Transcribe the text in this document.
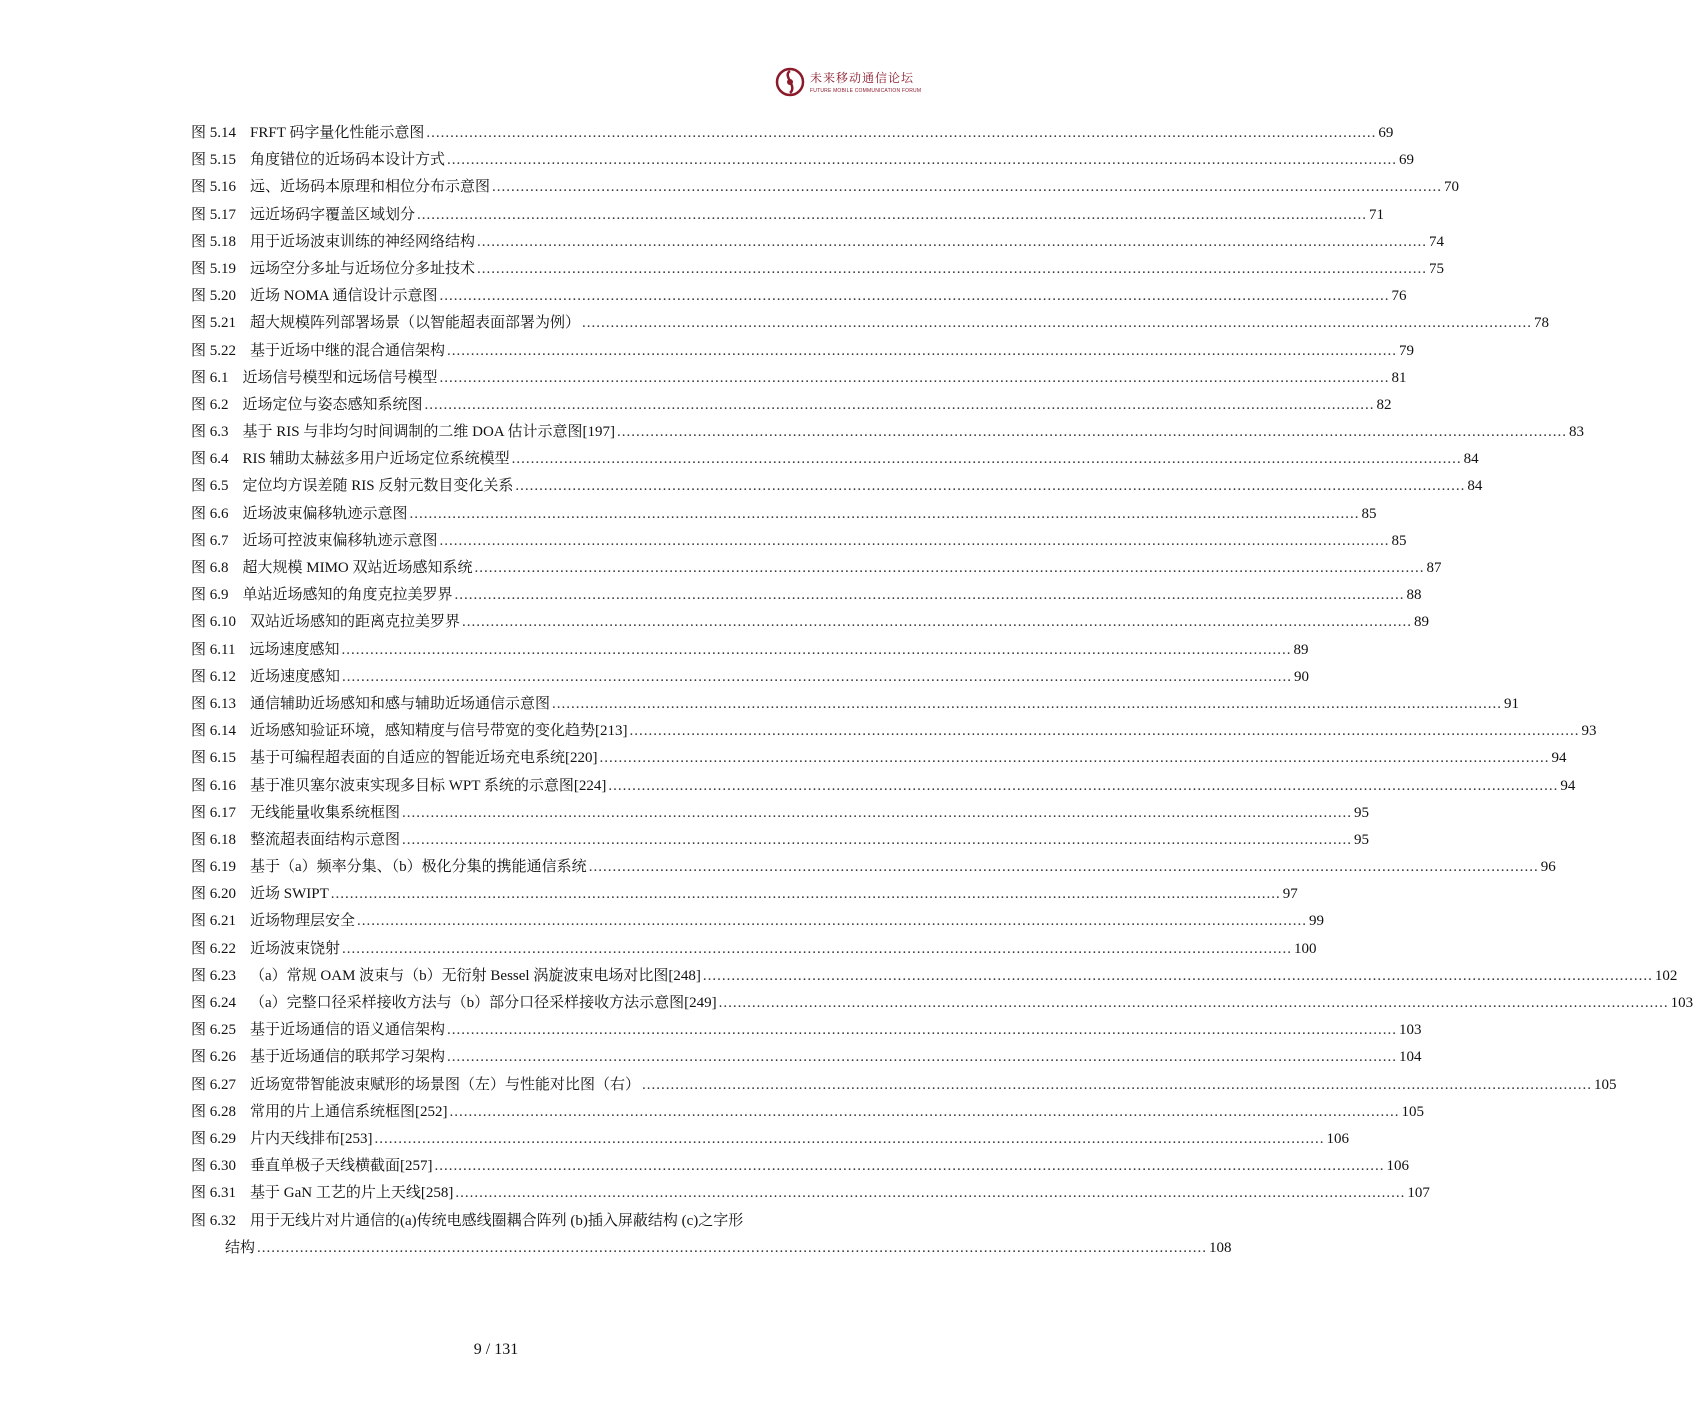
未来移动通信论坛
FUTURE MOBILE COMMUNICATION FORUM
图 5.14 FRFT 码字量化性能示意图 .....	69
图 5.15 角度错位的近场码本设计方式 .....	69
图 5.16 远、近场码本原理和相位分布示意图 .....	70
图 5.17 远近场码字覆盖区域划分 .....	71
图 5.18 用于近场波束训练的神经网络结构 .....	74
图 5.19 远场空分多址与近场位分多址技术 .....	75
图 5.20 近场 NOMA 通信设计示意图 .....	76
图 5.21 超大规模阵列部署场景（以智能超表面部署为例） .....	78
图 5.22 基于近场中继的混合通信架构 .....	79
图 6.1 近场信号模型和远场信号模型 .....	81
图 6.2 近场定位与姿态感知系统图 .....	82
图 6.3 基于 RIS 与非均匀时间调制的二维 DOA 估计示意图[197] .....	83
图 6.4 RIS 辅助太赫兹多用户近场定位系统模型 .....	84
图 6.5 定位均方误差随 RIS 反射元数目变化关系 .....	84
图 6.6 近场波束偏移轨迹示意图 .....	85
图 6.7 近场可控波束偏移轨迹示意图 .....	85
图 6.8 超大规模 MIMO 双站近场感知系统 .....	87
图 6.9 单站近场感知的角度克拉美罗界 .....	88
图 6.10 双站近场感知的距离克拉美罗界 .....	89
图 6.11 远场速度感知 .....	89
图 6.12 近场速度感知 .....	90
图 6.13 通信辅助近场感知和感与辅助近场通信示意图 .....	91
图 6.14 近场感知验证环境，感知精度与信号带宽的变化趋势[213] .....	93
图 6.15 基于可编程超表面的自适应的智能近场充电系统[220] .....	94
图 6.16 基于准贝塞尔波束实现多目标 WPT 系统的示意图[224] .....	94
图 6.17 无线能量收集系统框图 .....	95
图 6.18 整流超表面结构示意图 .....	95
图 6.19 基于（a）频率分集、（b）极化分集的携能通信系统 .....	96
图 6.20 近场 SWIPT .....	97
图 6.21 近场物理层安全 .....	99
图 6.22 近场波束饶射 .....	100
图 6.23 （a）常规 OAM 波束与（b）无衍射 Bessel 涡旋波束电场对比图[248] .....	102
图 6.24 （a）完整口径采样接收方法与（b）部分口径采样接收方法示意图[249] .....	103
图 6.25 基于近场通信的语义通信架构 .....	103
图 6.26 基于近场通信的联邦学习架构 .....	104
图 6.27 近场宽带智能波束赋形的场景图（左）与性能对比图（右） .....	105
图 6.28 常用的片上通信系统框图[252] .....	105
图 6.29 片内天线排布[253] .....	106
图 6.30 垂直单极子天线横截面[257] .....	106
图 6.31 基于 GaN 工艺的片上天线[258] .....	107
图 6.32 用于无线片对片通信的(a)传统电感线圈耦合阵列 (b)插入屏蔽结构 (c)之字形
结构 .....	108
9 / 131
